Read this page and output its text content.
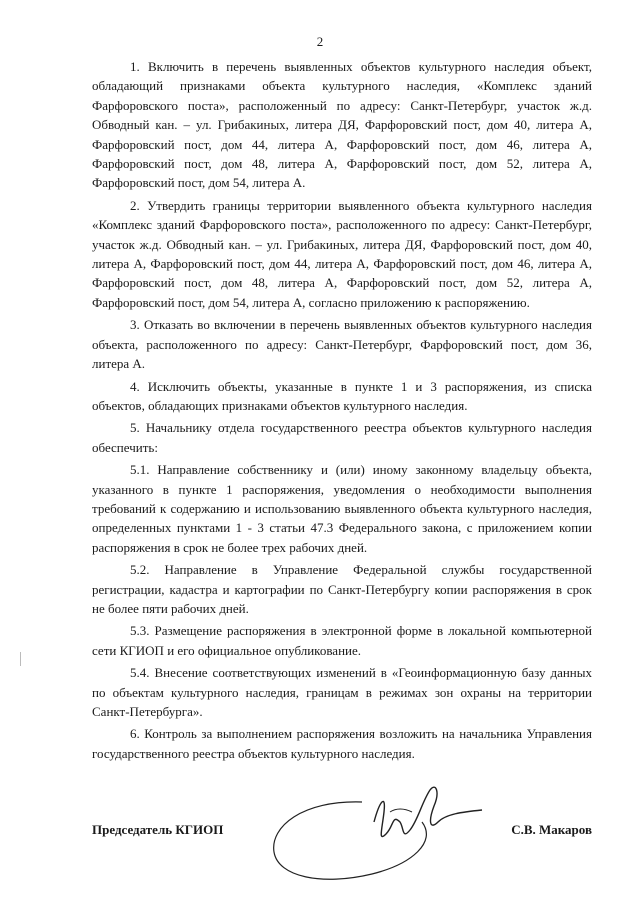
2

1. Включить в перечень выявленных объектов культурного наследия объект, обладающий признаками объекта культурного наследия, «Комплекс зданий Фарфоровского поста», расположенный по адресу: Санкт-Петербург, участок ж.д. Обводный кан. – ул. Грибакиных, литера ДЯ, Фарфоровский пост, дом 40, литера А, Фарфоровский пост, дом 44, литера А, Фарфоровский пост, дом 46, литера А, Фарфоровский пост, дом 48, литера А, Фарфоровский пост, дом 52, литера А, Фарфоровский пост, дом 54, литера А.

2. Утвердить границы территории выявленного объекта культурного наследия «Комплекс зданий Фарфоровского поста», расположенного по адресу: Санкт-Петербург, участок ж.д. Обводный кан. – ул. Грибакиных, литера ДЯ, Фарфоровский пост, дом 40, литера А, Фарфоровский пост, дом 44, литера А, Фарфоровский пост, дом 46, литера А, Фарфоровский пост, дом 48, литера А, Фарфоровский пост, дом 52, литера А, Фарфоровский пост, дом 54, литера А, согласно приложению к распоряжению.

3. Отказать во включении в перечень выявленных объектов культурного наследия объекта, расположенного по адресу: Санкт-Петербург, Фарфоровский пост, дом 36, литера А.

4. Исключить объекты, указанные в пункте 1 и 3 распоряжения, из списка объектов, обладающих признаками объектов культурного наследия.

5. Начальнику отдела государственного реестра объектов культурного наследия обеспечить:

5.1. Направление собственнику и (или) иному законному владельцу объекта, указанного в пункте 1 распоряжения, уведомления о необходимости выполнения требований к содержанию и использованию выявленного объекта культурного наследия, определенных пунктами 1 - 3 статьи 47.3 Федерального закона, с приложением копии распоряжения в срок не более трех рабочих дней.

5.2. Направление в Управление Федеральной службы государственной регистрации, кадастра и картографии по Санкт-Петербургу копии распоряжения в срок не более пяти рабочих дней.

5.3. Размещение распоряжения в электронной форме в локальной компьютерной сети КГИОП и его официальное опубликование.

5.4. Внесение соответствующих изменений в «Геоинформационную базу данных по объектам культурного наследия, границам в режимах зон охраны на территории Санкт-Петербурга».

6. Контроль за выполнением распоряжения возложить на начальника Управления государственного реестра объектов культурного наследия.

Председатель КГИОП	С.В. Макаров
